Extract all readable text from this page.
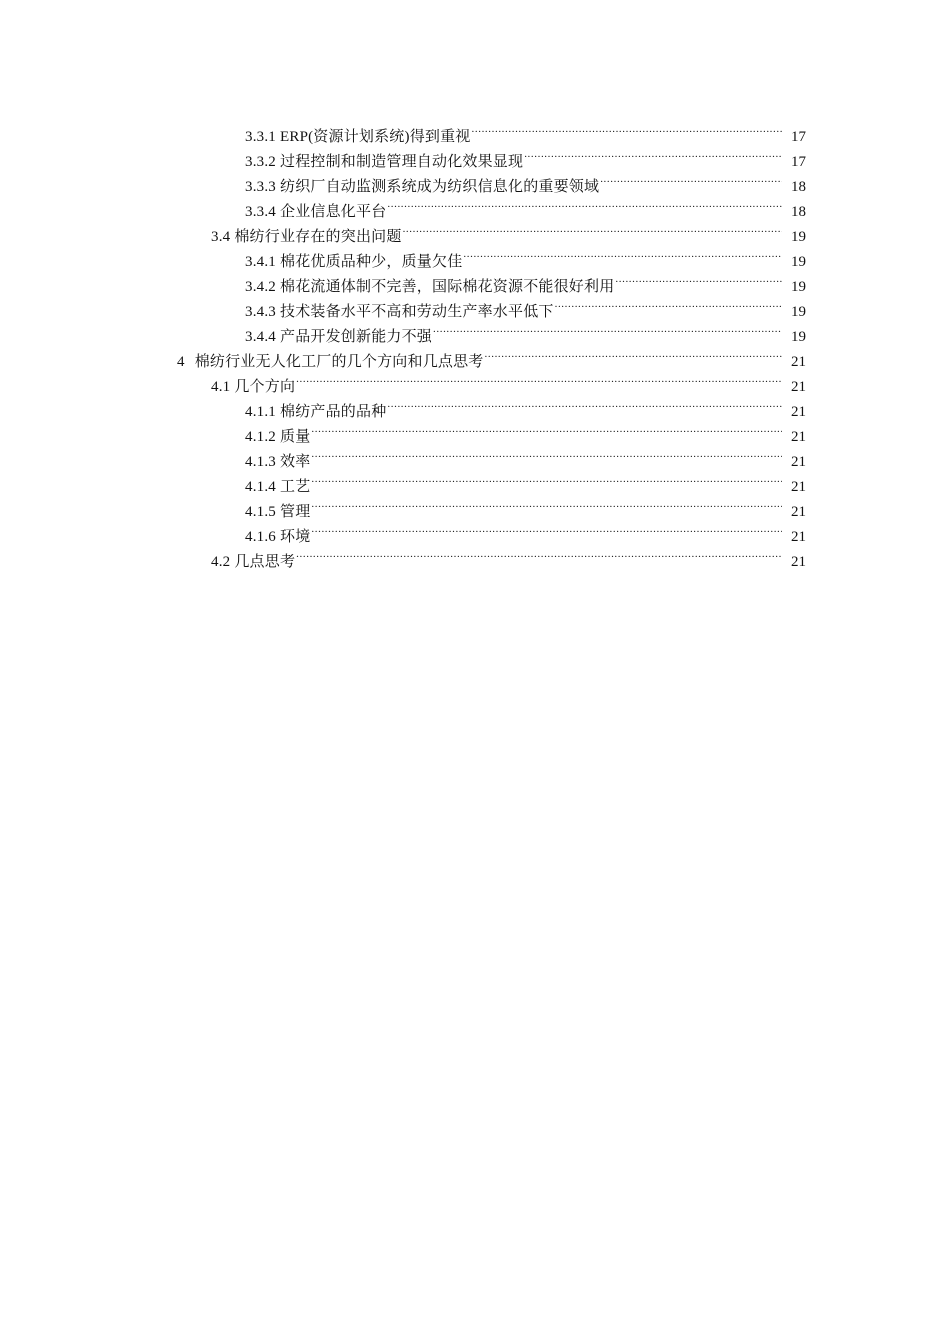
3.3.1 ERP(资源计划系统)得到重视 .....	17
3.3.2 过程控制和制造管理自动化效果显现 .....	17
3.3.3 纺织厂自动监测系统成为纺织信息化的重要领域 .....	18
3.3.4 企业信息化平台 .....	18
3.4 棉纺行业存在的突出问题 .....	19
3.4.1 棉花优质品种少，质量欠佳 .....	19
3.4.2 棉花流通体制不完善，国际棉花资源不能很好利用 .....	19
3.4.3 技术装备水平不高和劳动生产率水平低下 .....	19
3.4.4 产品开发创新能力不强 .....	19
4 棉纺行业无人化工厂的几个方向和几点思考 .....	21
4.1 几个方向 .....	21
4.1.1 棉纺产品的品种 .....	21
4.1.2 质量 .....	21
4.1.3 效率 .....	21
4.1.4 工艺 .....	21
4.1.5 管理 .....	21
4.1.6 环境 .....	21
4.2 几点思考 .....	21
